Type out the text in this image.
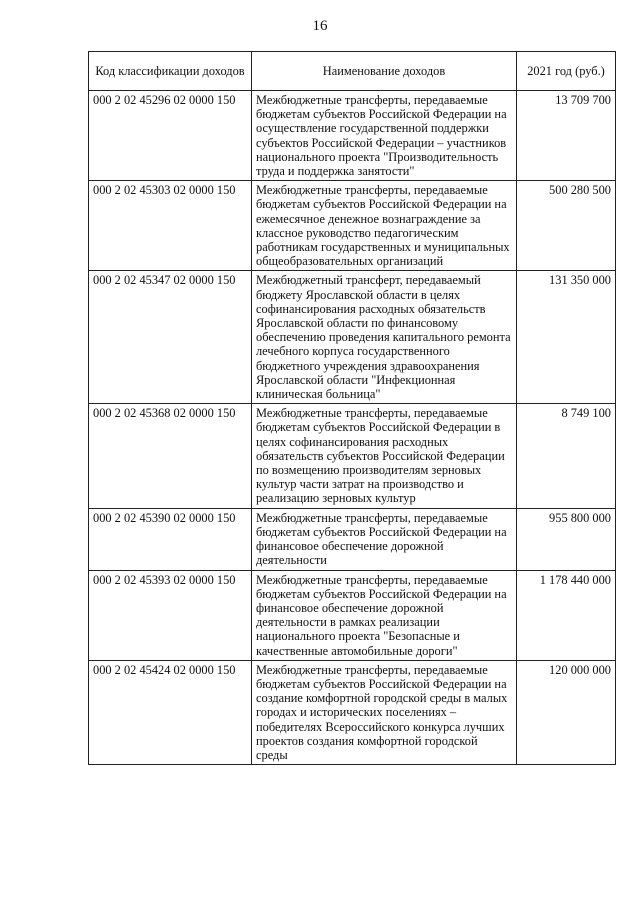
16
Код классификации доходов	Наименование доходов	2021 год (руб.)
000 2 02 45296 02 0000 150	Межбюджетные трансферты, передаваемые бюджетам субъектов Российской Федерации на осуществление государственной поддержки субъектов Российской Федерации – участников национального проекта "Производительность труда и поддержка занятости"	13 709 700
000 2 02 45303 02 0000 150	Межбюджетные трансферты, передаваемые бюджетам субъектов Российской Федерации на ежемесячное денежное вознаграждение за классное руководство педагогическим работникам государственных и муниципальных общеобразовательных организаций	500 280 500
000 2 02 45347 02 0000 150	Межбюджетный трансферт, передаваемый бюджету Ярославской области в целях софинансирования расходных обязательств Ярославской области по финансовому обеспечению проведения капитального ремонта лечебного корпуса государственного бюджетного учреждения здравоохранения Ярославской области "Инфекционная клиническая больница"	131 350 000
000 2 02 45368 02 0000 150	Межбюджетные трансферты, передаваемые бюджетам субъектов Российской Федерации в целях софинансирования расходных обязательств субъектов Российской Федерации по возмещению производителям зерновых культур части затрат на производство и реализацию зерновых культур	8 749 100
000 2 02 45390 02 0000 150	Межбюджетные трансферты, передаваемые бюджетам субъектов Российской Федерации на финансовое обеспечение дорожной деятельности	955 800 000
000 2 02 45393 02 0000 150	Межбюджетные трансферты, передаваемые бюджетам субъектов Российской Федерации на финансовое обеспечение дорожной деятельности в рамках реализации национального проекта "Безопасные и качественные автомобильные дороги"	1 178 440 000
000 2 02 45424 02 0000 150	Межбюджетные трансферты, передаваемые бюджетам субъектов Российской Федерации на создание комфортной городской среды в малых городах и исторических поселениях – победителях Всероссийского конкурса лучших проектов создания комфортной городской среды	120 000 000
